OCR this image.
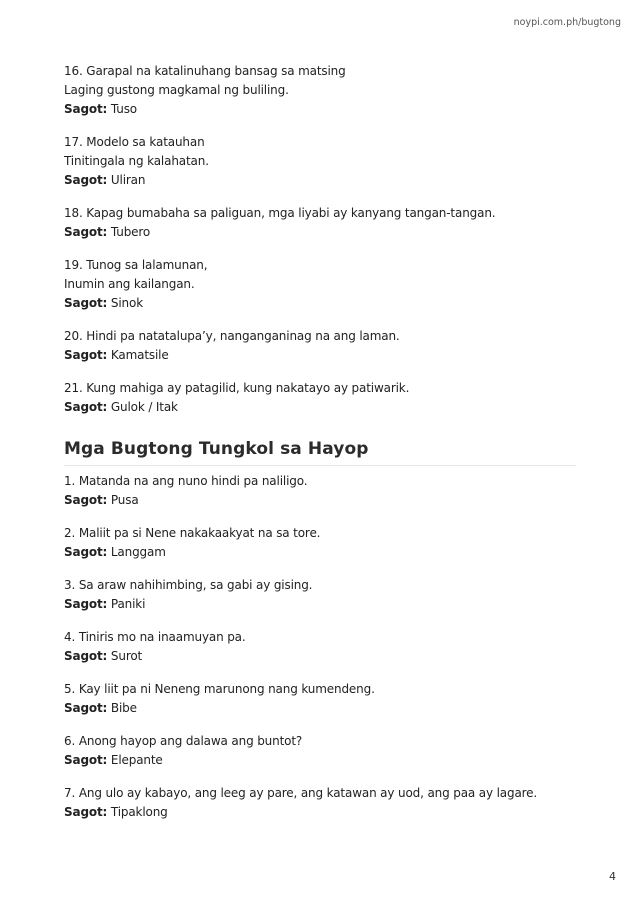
noypi.com.ph/bugtong
16. Garapal na katalinuhang bansag sa matsing
Laging gustong magkamal ng buliling.
Sagot: Tuso
17. Modelo sa katauhan
Tinitingala ng kalahatan.
Sagot: Uliran
18. Kapag bumabaha sa paliguan, mga liyabi ay kanyang tangan-tangan.
Sagot: Tubero
19. Tunog sa lalamunan,
Inumin ang kailangan.
Sagot: Sinok
20. Hindi pa natatalupa’y, nanganganinag na ang laman.
Sagot: Kamatsile
21. Kung mahiga ay patagilid, kung nakatayo ay patiwarik.
Sagot: Gulok / Itak
Mga Bugtong Tungkol sa Hayop
1. Matanda na ang nuno hindi pa naliligo.
Sagot: Pusa
2. Maliit pa si Nene nakakaakyat na sa tore.
Sagot: Langgam
3. Sa araw nahihimbing, sa gabi ay gising.
Sagot: Paniki
4. Tiniris mo na inaamuyan pa.
Sagot: Surot
5. Kay liit pa ni Neneng marunong nang kumendeng.
Sagot: Bibe
6. Anong hayop ang dalawa ang buntot?
Sagot: Elepante
7. Ang ulo ay kabayo, ang leeg ay pare, ang katawan ay uod, ang paa ay lagare.
Sagot: Tipaklong
4
